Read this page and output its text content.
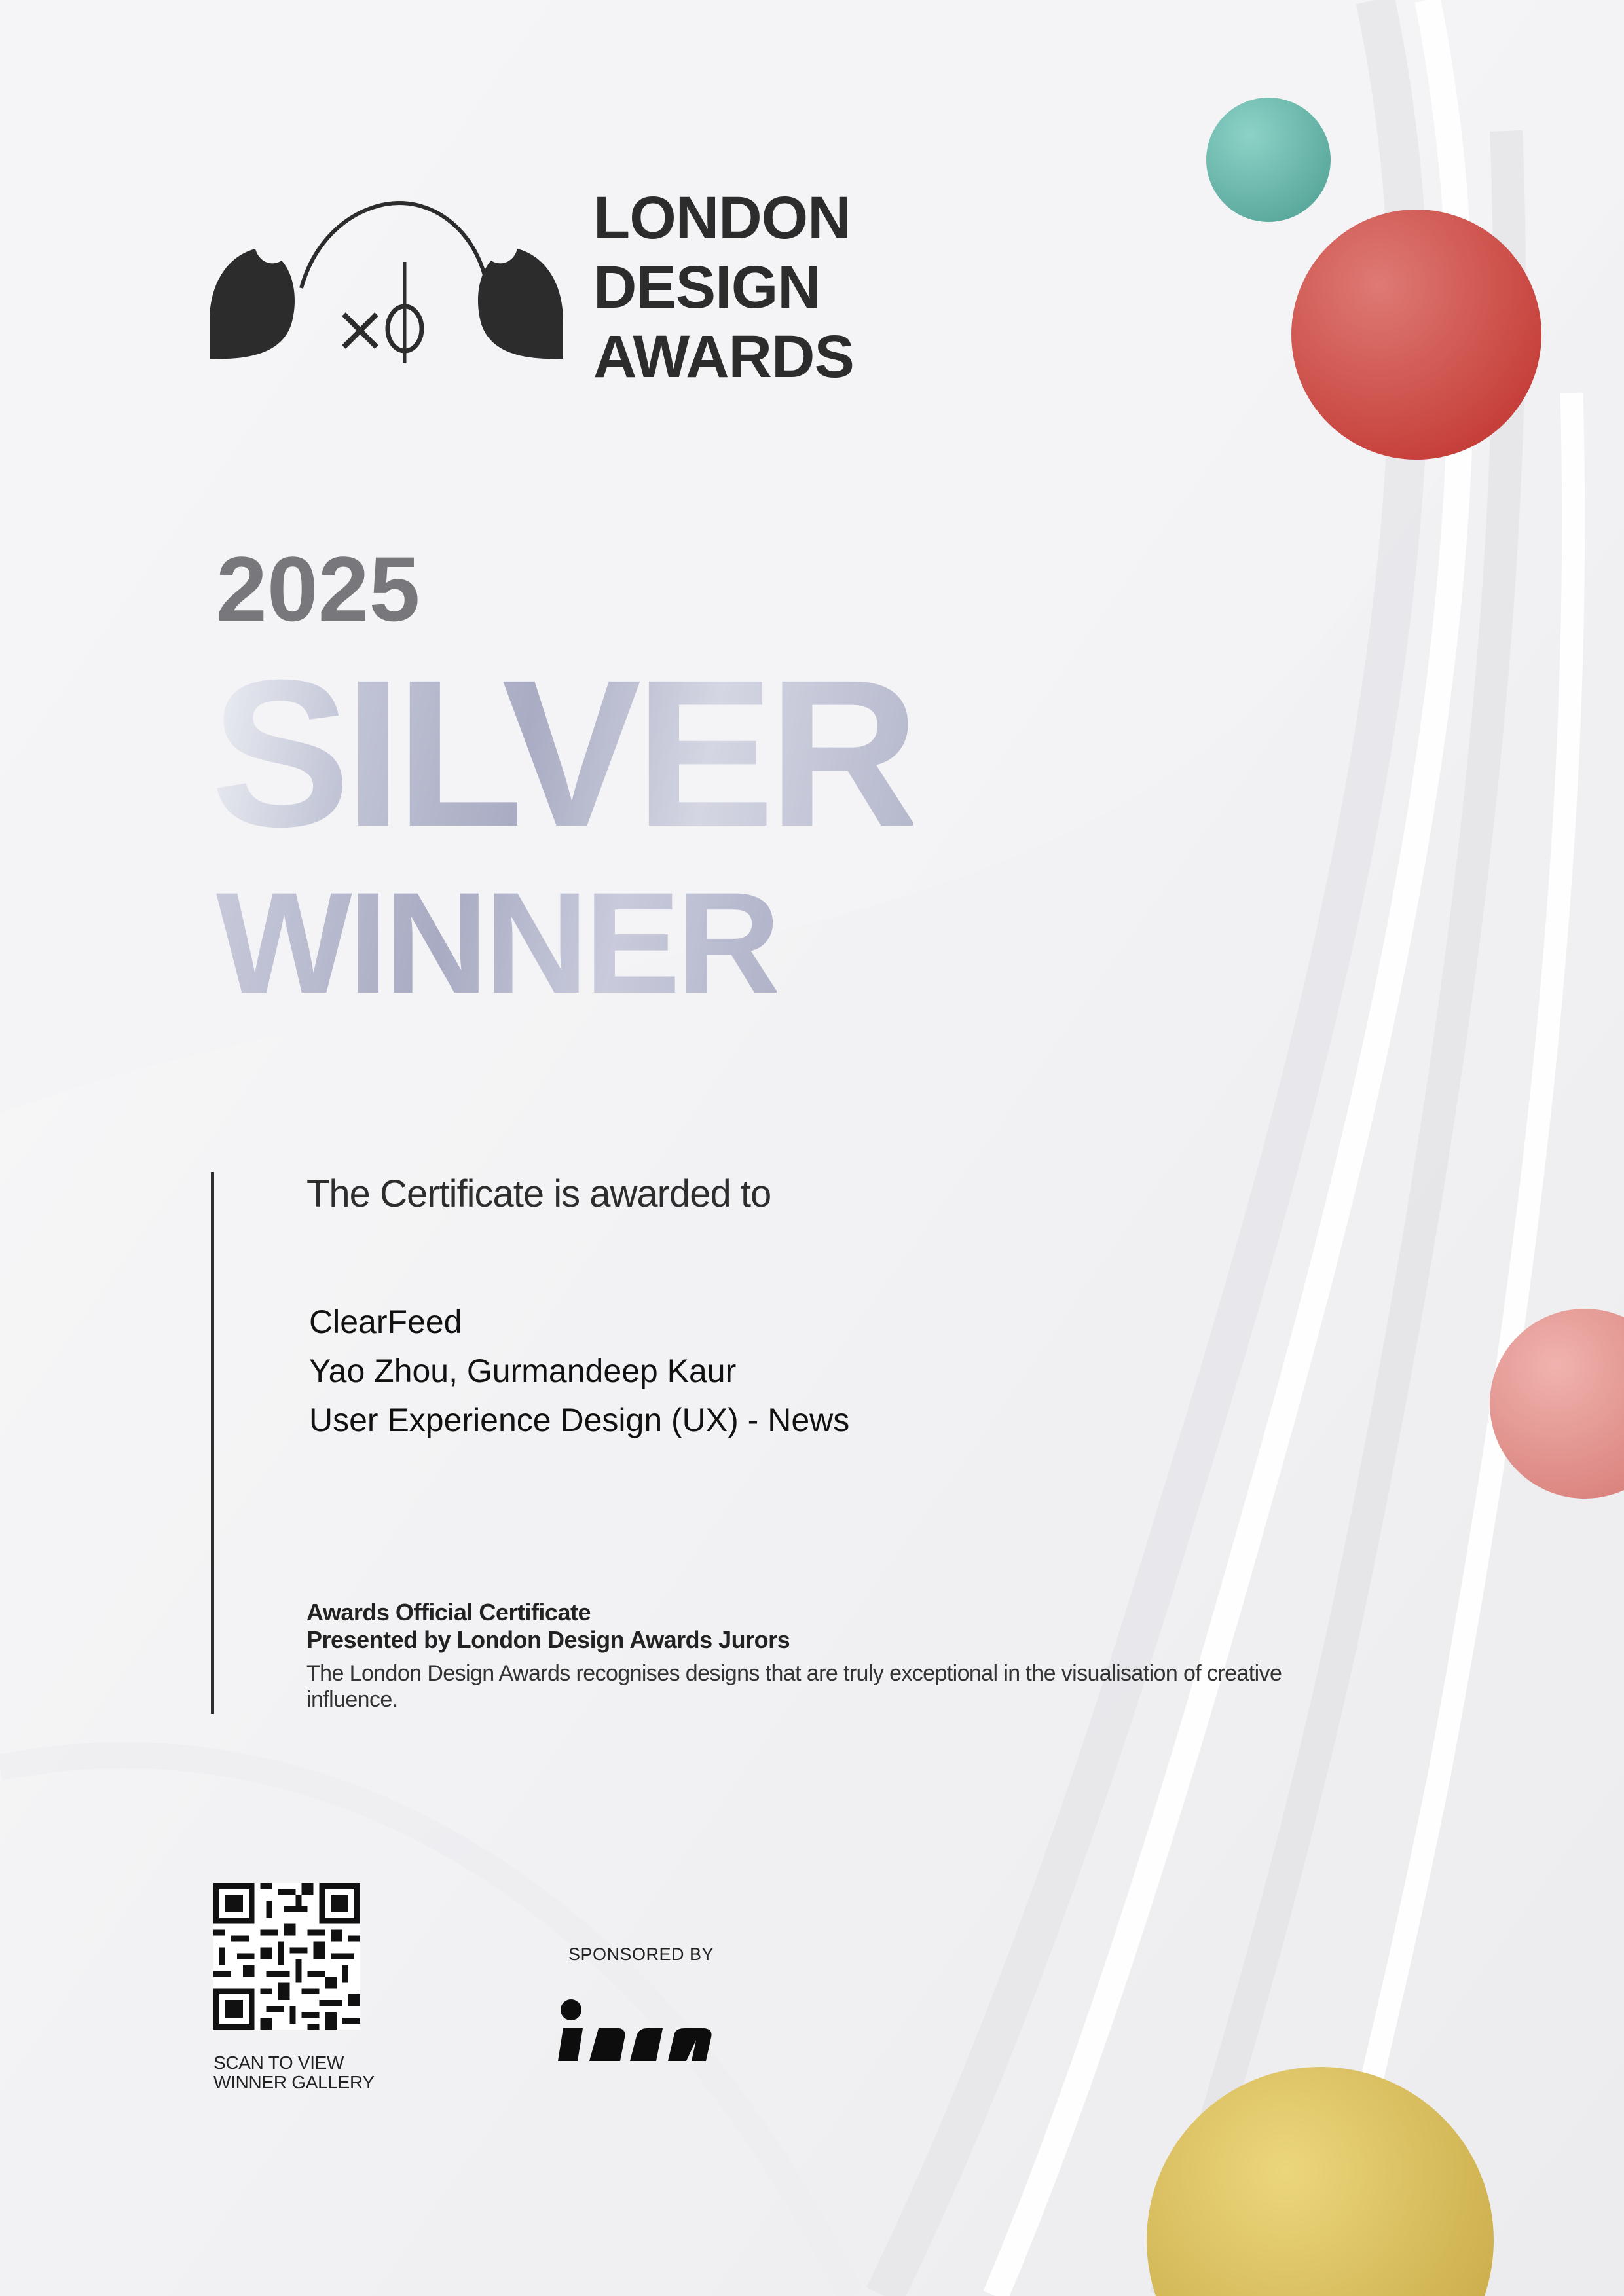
LONDON
DESIGN
AWARDS
2025
SILVER
WINNER
The Certificate is awarded to
ClearFeed
Yao Zhou, Gurmandeep Kaur
User Experience Design (UX) - News
Awards Official Certificate
Presented by London Design Awards Jurors
The London Design Awards recognises designs that are truly exceptional in the visualisation of creative influence.
SCAN TO VIEW
WINNER GALLERY
SPONSORED BY
